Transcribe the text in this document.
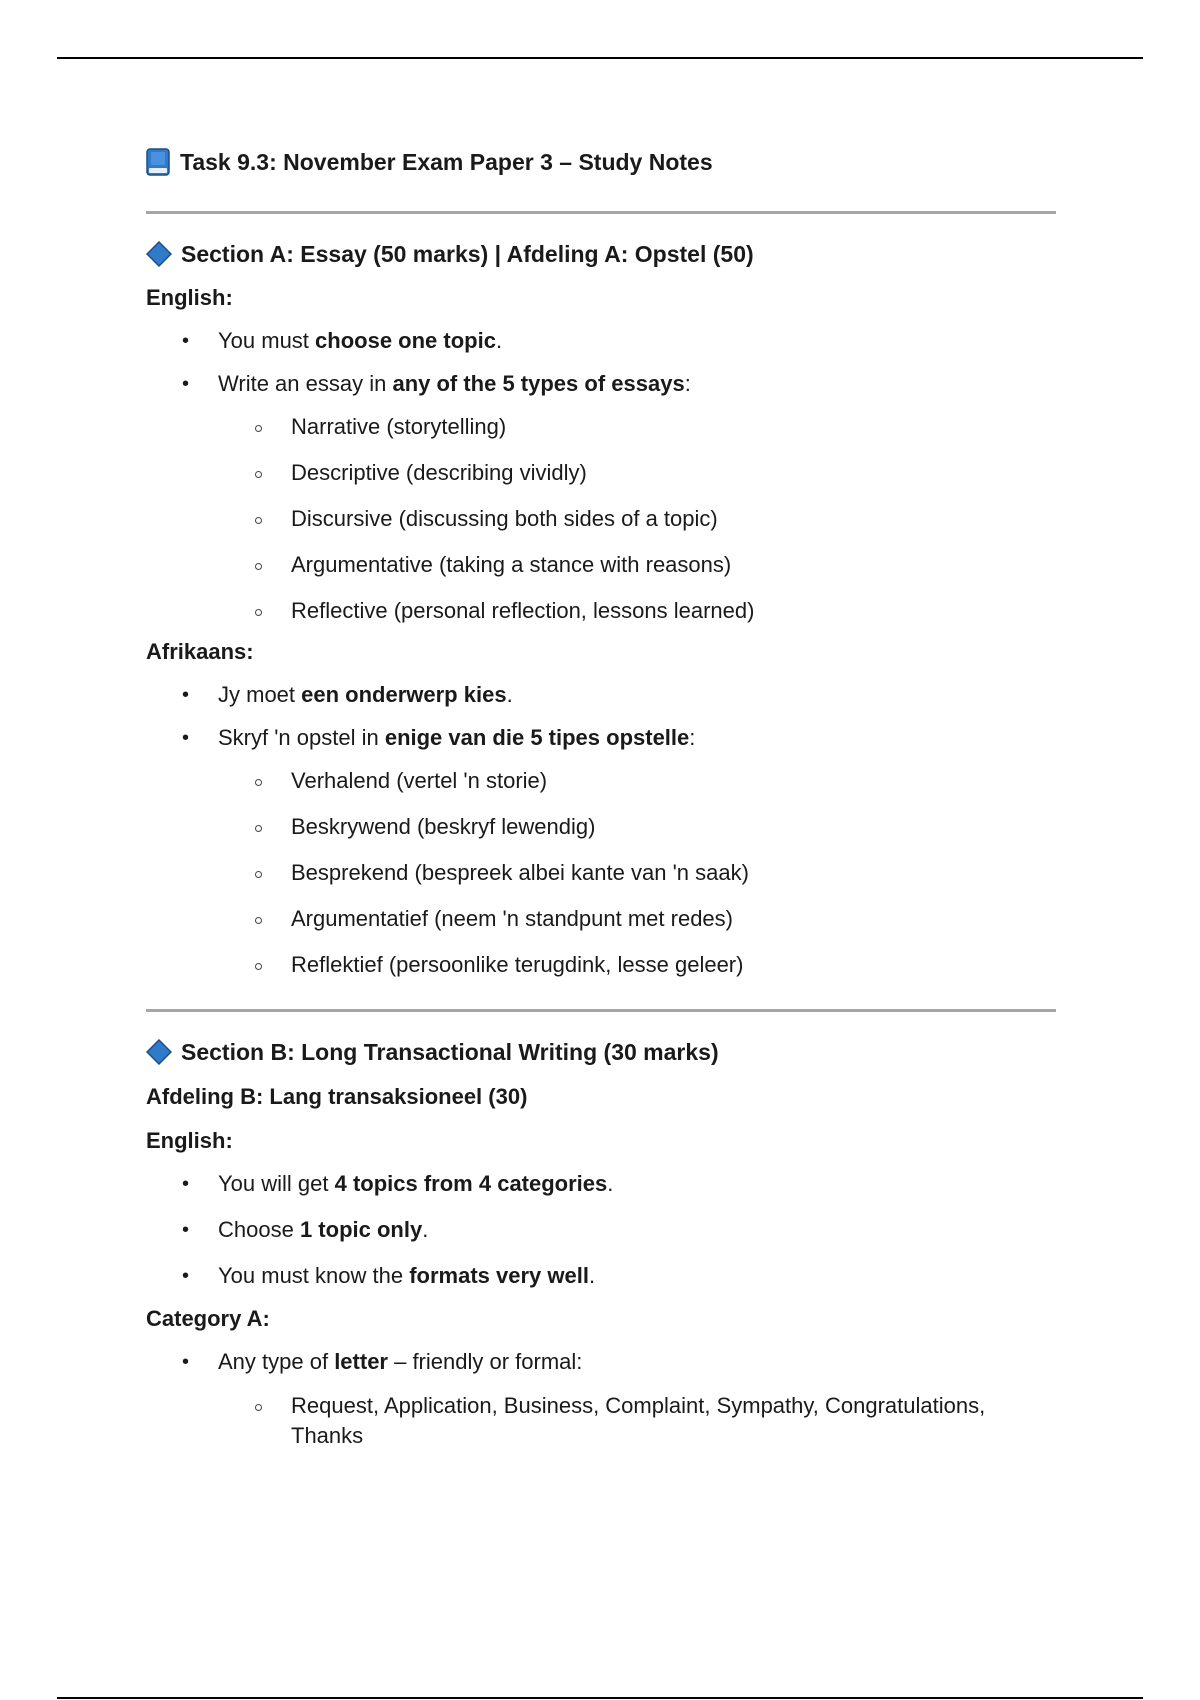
Task 9.3: November Exam Paper 3 – Study Notes
Section A: Essay (50 marks) | Afdeling A: Opstel (50)

English:

• You must choose one topic.
• Write an essay in any of the 5 types of essays:
Narrative (storytelling)
Descriptive (describing vividly)
Discursive (discussing both sides of a topic)
Argumentative (taking a stance with reasons)
Reflective (personal reflection, lessons learned)

Afrikaans:

• Jy moet een onderwerp kies.
• Skryf 'n opstel in enige van die 5 tipes opstelle:
Verhalend (vertel 'n storie)
Beskrywend (beskryf lewendig)
Besprekend (bespreek albei kante van 'n saak)
Argumentatief (neem 'n standpunt met redes)
Reflektief (persoonlike terugdink, lesse geleer)
Section B: Long Transactional Writing (30 marks)

Afdeling B: Lang transaksioneel (30)

English:

• You will get 4 topics from 4 categories.
• Choose 1 topic only.
• You must know the formats very well.

Category A:

• Any type of letter – friendly or formal:
Request, Application, Business, Complaint, Sympathy, Congratulations, Thanks
